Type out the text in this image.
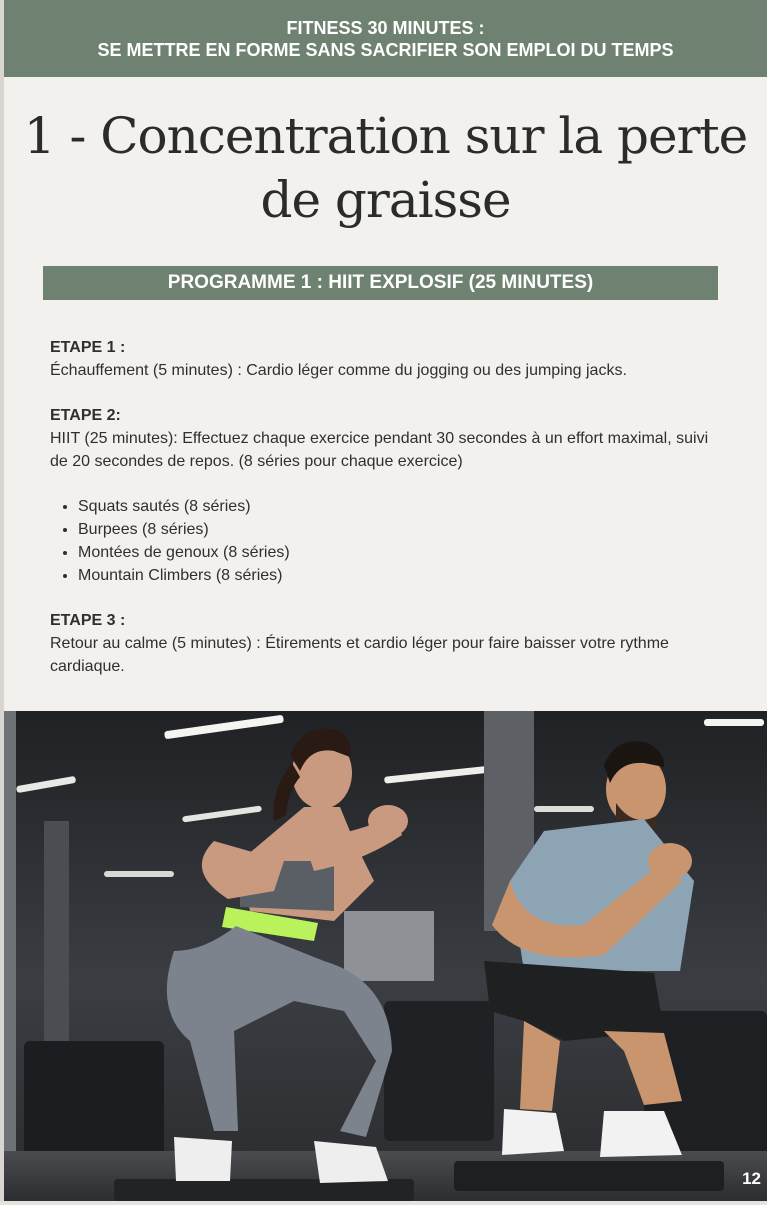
FITNESS 30 MINUTES :
SE METTRE EN FORME SANS SACRIFIER SON EMPLOI DU TEMPS
1 - Concentration sur la perte
de graisse
PROGRAMME 1 : HIIT EXPLOSIF (25 MINUTES)
ETAPE 1 :
Échauffement (5 minutes) : Cardio léger comme du jogging ou des jumping jacks.
ETAPE 2:
HIIT (25 minutes): Effectuez chaque exercice pendant 30 secondes à un effort maximal, suivi de 20 secondes de repos. (8 séries pour chaque exercice)
• Squats sautés (8 séries)
• Burpees (8 séries)
• Montées de genoux (8 séries)
• Mountain Climbers (8 séries)
ETAPE 3 :
Retour au calme (5 minutes) : Étirements et cardio léger pour faire baisser votre rythme cardiaque.
12
